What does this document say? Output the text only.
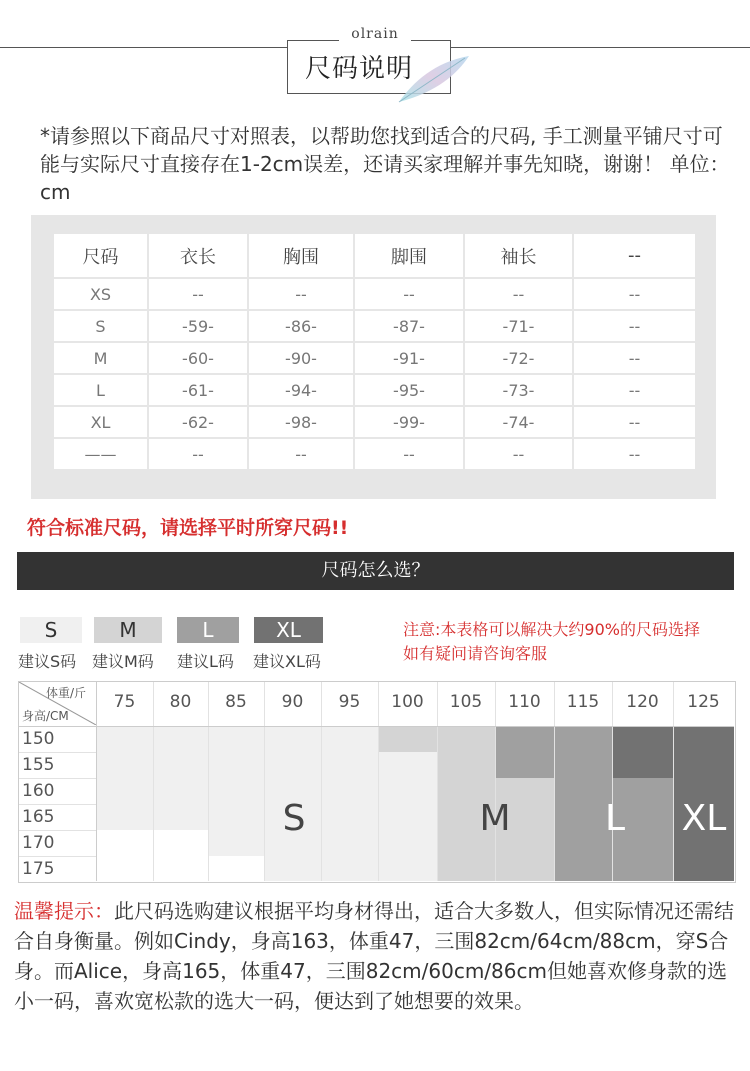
olrain
尺码说明
*请参照以下商品尺寸对照表，以帮助您找到适合的尺码, 手工测量平铺尺寸可能与实际尺寸直接存在1-2cm误差，还请买家理解并事先知晓，谢谢！ 单位：cm
尺码	衣长	胸围	脚围	袖长	--
XS	--	--	--	--	--
S	-59-	-86-	-87-	-71-	--
M	-60-	-90-	-91-	-72-	--
L	-61-	-94-	-95-	-73-	--
XL	-62-	-98-	-99-	-74-	--
——	--	--	--	--	--
符合标准尺码，请选择平时所穿尺码!!
尺码怎么选？
S	M	L	XL
建议S码 建议M码 建议L码 建议XL码
注意:本表格可以解决大约90%的尺码选择
如有疑问请咨询客服
体重/斤
身高/CM
75	80	85	90	95	100	105	110	115	120	125
150
155
160
165
170
175
S	M	L	XL
温馨提示：此尺码选购建议根据平均身材得出，适合大多数人，但实际情况还需结合自身衡量。例如Cindy，身高163，体重47，三围82cm/64cm/88cm，穿S合身。而Alice，身高165，体重47，三围82cm/60cm/86cm但她喜欢修身款的选小一码，喜欢宽松款的选大一码，便达到了她想要的效果。
